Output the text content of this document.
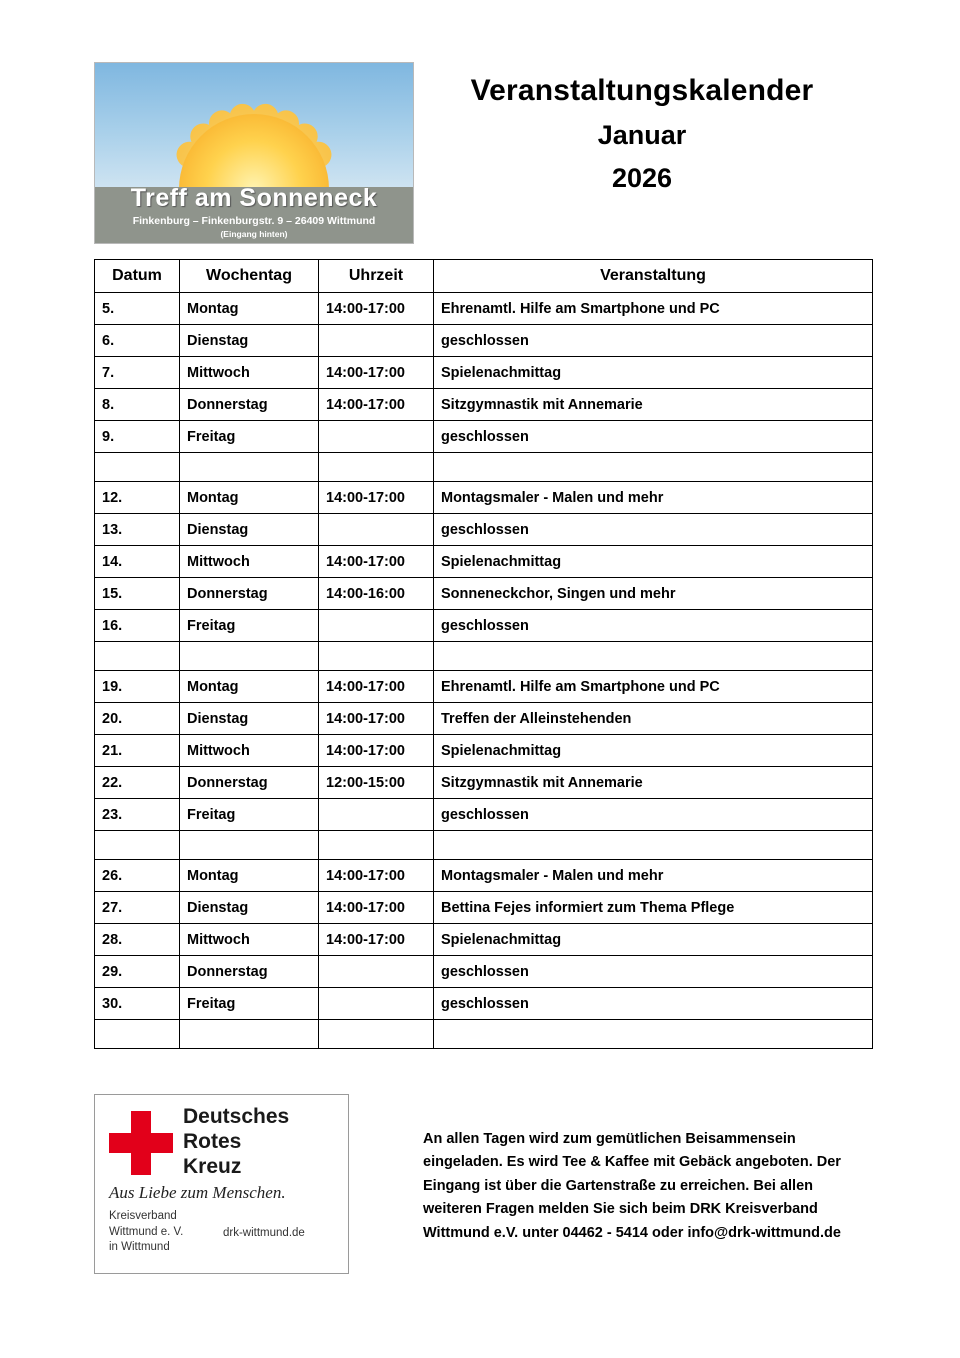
Treff am Sonneneck
Finkenburg – Finkenburgstr. 9 – 26409 Wittmund
(Eingang hinten)
Veranstaltungskalender
Januar
2026
Datum	Wochentag	Uhrzeit	Veranstaltung
5.	Montag	14:00-17:00	Ehrenamtl. Hilfe am Smartphone und PC
6.	Dienstag		geschlossen
7.	Mittwoch	14:00-17:00	Spielenachmittag
8.	Donnerstag	14:00-17:00	Sitzgymnastik mit Annemarie
9.	Freitag		geschlossen

12.	Montag	14:00-17:00	Montagsmaler - Malen und mehr
13.	Dienstag		geschlossen
14.	Mittwoch	14:00-17:00	Spielenachmittag
15.	Donnerstag	14:00-16:00	Sonneneckchor, Singen und mehr
16.	Freitag		geschlossen

19.	Montag	14:00-17:00	Ehrenamtl. Hilfe am Smartphone und PC
20.	Dienstag	14:00-17:00	Treffen der Alleinstehenden
21.	Mittwoch	14:00-17:00	Spielenachmittag
22.	Donnerstag	12:00-15:00	Sitzgymnastik mit Annemarie
23.	Freitag		geschlossen

26.	Montag	14:00-17:00	Montagsmaler - Malen und mehr
27.	Dienstag	14:00-17:00	Bettina Fejes informiert zum Thema Pflege
28.	Mittwoch	14:00-17:00	Spielenachmittag
29.	Donnerstag		geschlossen
30.	Freitag		geschlossen

Deutsches
Rotes
Kreuz
Aus Liebe zum Menschen.
Kreisverband
Wittmund e. V.
in Wittmund
drk-wittmund.de
An allen Tagen wird zum gemütlichen Beisammensein eingeladen. Es wird Tee & Kaffee mit Gebäck angeboten. Der Eingang ist über die Gartenstraße zu erreichen. Bei allen weiteren Fragen melden Sie sich beim DRK Kreisverband Wittmund e.V. unter 04462 - 5414 oder info@drk-wittmund.de
